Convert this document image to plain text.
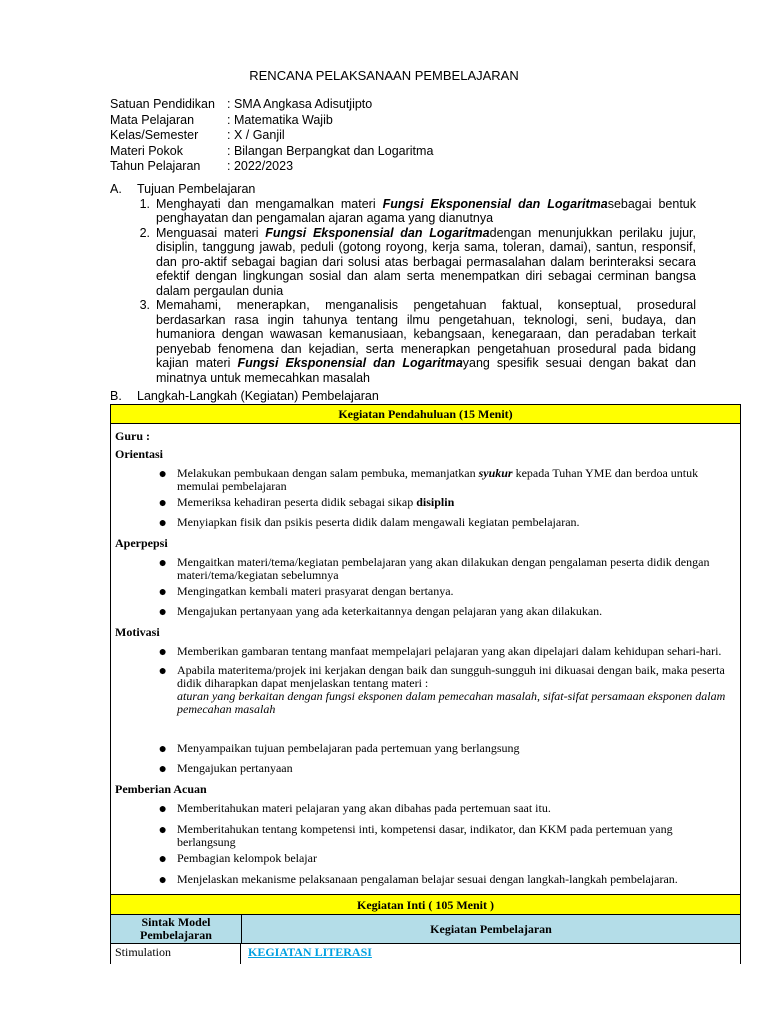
RENCANA PELAKSANAAN PEMBELAJARAN
Satuan Pendidikan : SMA Angkasa Adisutjipto
Mata Pelajaran	: Matematika Wajib
Kelas/Semester	: X / Ganjil
Materi Pokok	: Bilangan Berpangkat dan Logaritma
Tahun Pelajaran	: 2022/2023
A.	Tujuan Pembelajaran
1. Menghayati dan mengamalkan materi Fungsi Eksponensial dan Logaritmasebagai bentuk penghayatan dan pengamalan ajaran agama yang dianutnya
2. Menguasai materi Fungsi Eksponensial dan Logaritmadengan menunjukkan perilaku jujur, disiplin, tanggung jawab, peduli (gotong royong, kerja sama, toleran, damai), santun, responsif, dan pro-aktif sebagai bagian dari solusi atas berbagai permasalahan dalam berinteraksi secara efektif dengan lingkungan sosial dan alam serta menempatkan diri sebagai cerminan bangsa dalam pergaulan dunia
3. Memahami, menerapkan, menganalisis pengetahuan faktual, konseptual, prosedural berdasarkan rasa ingin tahunya tentang ilmu pengetahuan, teknologi, seni, budaya, dan humaniora dengan wawasan kemanusiaan, kebangsaan, kenegaraan, dan peradaban terkait penyebab fenomena dan kejadian, serta menerapkan pengetahuan prosedural pada bidang kajian materi Fungsi Eksponensial dan Logaritmayang spesifik sesuai dengan bakat dan minatnya untuk memecahkan masalah
B.	Langkah-Langkah (Kegiatan) Pembelajaran
Kegiatan Pendahuluan (15 Menit)
Guru :
Orientasi
● Melakukan pembukaan dengan salam pembuka, memanjatkan syukur kepada Tuhan YME dan berdoa untuk memulai pembelajaran
● Memeriksa kehadiran peserta didik sebagai sikap disiplin
● Menyiapkan fisik dan psikis peserta didik dalam mengawali kegiatan pembelajaran.
Aperpepsi
● Mengaitkan materi/tema/kegiatan pembelajaran yang akan dilakukan dengan pengalaman peserta didik dengan materi/tema/kegiatan sebelumnya
● Mengingatkan kembali materi prasyarat dengan bertanya.
● Mengajukan pertanyaan yang ada keterkaitannya dengan pelajaran yang akan dilakukan.
Motivasi
● Memberikan gambaran tentang manfaat mempelajari pelajaran yang akan dipelajari dalam kehidupan sehari-hari.
● Apabila materitema/projek ini kerjakan dengan baik dan sungguh-sungguh ini dikuasai dengan baik, maka peserta didik diharapkan dapat menjelaskan tentang materi :
aturan yang berkaitan dengan fungsi eksponen dalam pemecahan masalah, sifat-sifat persamaan eksponen dalam pemecahan masalah
● Menyampaikan tujuan pembelajaran pada pertemuan yang berlangsung
● Mengajukan pertanyaan
Pemberian Acuan
● Memberitahukan materi pelajaran yang akan dibahas pada pertemuan saat itu.
● Memberitahukan tentang kompetensi inti, kompetensi dasar, indikator, dan KKM pada pertemuan yang berlangsung
● Pembagian kelompok belajar
● Menjelaskan mekanisme pelaksanaan pengalaman belajar sesuai dengan langkah-langkah pembelajaran.
Kegiatan Inti ( 105 Menit )
Sintak Model Pembelajaran	Kegiatan Pembelajaran
Stimulation	KEGIATAN LITERASI
